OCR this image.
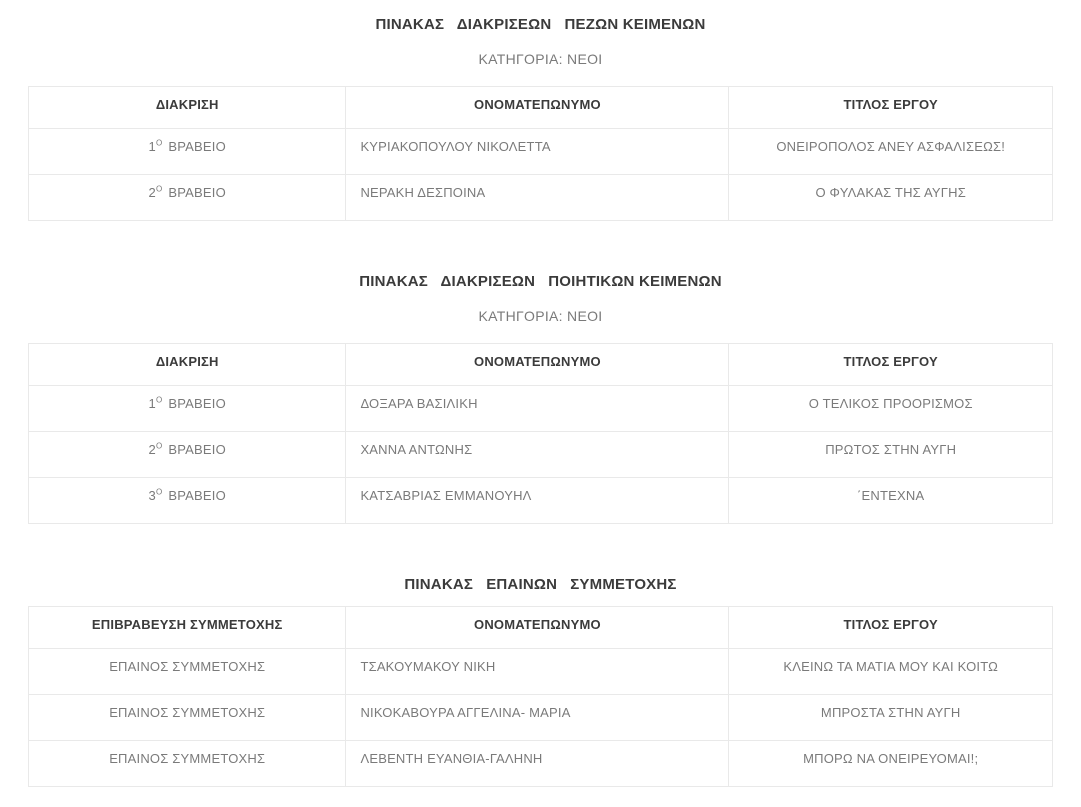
ΠΙΝΑΚΑΣ   ΔΙΑΚΡΙΣΕΩΝ   ΠΕΖΩΝ ΚΕΙΜΕΝΩΝ
ΚΑΤΗΓΟΡΙΑ: ΝΕΟΙ
ΔΙΑΚΡΙΣΗ	ΟΝΟΜΑΤΕΠΩΝΥΜΟ	ΤΙΤΛΟΣ ΕΡΓΟΥ
$1^O$ ΒΡΑΒΕΙΟ	ΚΥΡΙΑΚΟΠΟΥΛΟΥ ΝΙΚΟΛΕΤΤΑ	ΟΝΕΙΡΟΠΟΛΟΣ ΑΝΕΥ ΑΣΦΑΛΙΣΕΩΣ!
$2^O$ ΒΡΑΒΕΙΟ	ΝΕΡΑΚΗ ΔΕΣΠΟΙΝΑ	Ο ΦΥΛΑΚΑΣ ΤΗΣ ΑΥΓΗΣ
ΠΙΝΑΚΑΣ   ΔΙΑΚΡΙΣΕΩΝ   ΠΟΙΗΤΙΚΩΝ ΚΕΙΜΕΝΩΝ
ΚΑΤΗΓΟΡΙΑ: ΝΕΟΙ
ΔΙΑΚΡΙΣΗ	ΟΝΟΜΑΤΕΠΩΝΥΜΟ	ΤΙΤΛΟΣ ΕΡΓΟΥ
$1^O$ ΒΡΑΒΕΙΟ	ΔΟΞΑΡΑ ΒΑΣΙΛΙΚΗ	Ο ΤΕΛΙΚΟΣ ΠΡΟΟΡΙΣΜΟΣ
$2^O$ ΒΡΑΒΕΙΟ	ΧΑΝΝΑ ΑΝΤΩΝΗΣ	ΠΡΩΤΟΣ ΣΤΗΝ ΑΥΓΗ
$3^O$ ΒΡΑΒΕΙΟ	ΚΑΤΣΑΒΡΙΑΣ ΕΜΜΑΝΟΥΗΛ	΄ΕΝΤΕΧΝΑ
ΠΙΝΑΚΑΣ   ΕΠΑΙΝΩΝ   ΣΥΜΜΕΤΟΧΗΣ
ΕΠΙΒΡΑΒΕΥΣΗ ΣΥΜΜΕΤΟΧΗΣ	ΟΝΟΜΑΤΕΠΩΝΥΜΟ	ΤΙΤΛΟΣ ΕΡΓΟΥ
ΕΠΑΙΝΟΣ ΣΥΜΜΕΤΟΧΗΣ	ΤΣΑΚΟΥΜΑΚΟΥ ΝΙΚΗ	ΚΛΕΙΝΩ ΤΑ ΜΑΤΙΑ ΜΟΥ ΚΑΙ ΚΟΙΤΩ
ΕΠΑΙΝΟΣ ΣΥΜΜΕΤΟΧΗΣ	ΝΙΚΟΚΑΒΟΥΡΑ ΑΓΓΕΛΙΝΑ- ΜΑΡΙΑ	ΜΠΡΟΣΤΑ ΣΤΗΝ ΑΥΓΗ
ΕΠΑΙΝΟΣ ΣΥΜΜΕΤΟΧΗΣ	ΛΕΒΕΝΤΗ ΕΥΑΝΘΙΑ-ΓΑΛΗΝΗ	ΜΠΟΡΩ ΝΑ ΟΝΕΙΡΕΥΟΜΑΙ!;
